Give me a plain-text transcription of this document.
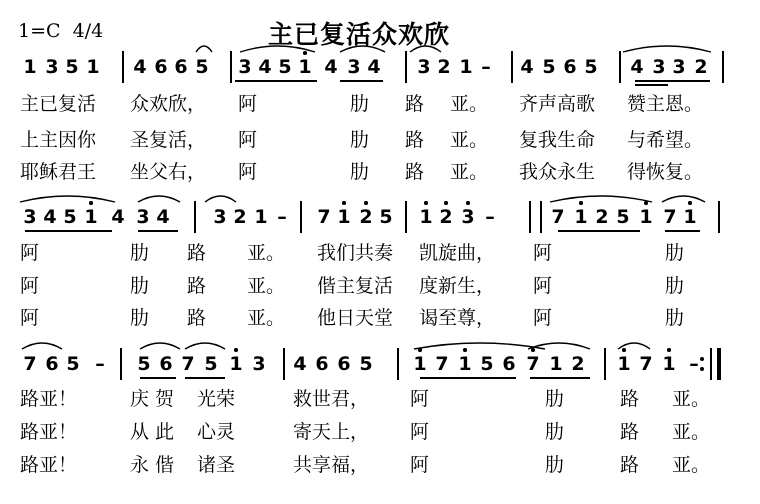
1=C  4/4	主已复活众欢欣
1 3 5 1 4 6 6 5 3 4 5 1 4 3 4 3 2 1 – 4 5 6 5 4 3 3 2
主已复活 众欢欣， 阿	肋 路 亚。 齐声高歌 赞主恩。
上主因你 圣复活， 阿	肋 路 亚。 复我生命 与希望。
耶稣君王 坐父右， 阿	肋 路 亚。 我众永生 得恢复。
3 4 5 1 4 3 4 3 2 1 – 7 1 2 5 1 2 3 –	7 1 2 5 1 7 1
阿	肋 路 亚。 我们共奏 凯旋曲， 阿	肋
阿	肋 路 亚。 偕主复活 度新生， 阿	肋
阿	肋 路 亚。 他日天堂 谒至尊， 阿	肋
7 6 5 – 5 6 7 5 1 3 4 6 6 5 1 7 1 5 6 7 1 2 1 7 1 –
路亚！	庆 贺 光荣	救世君， 阿	肋	路 亚。
路亚！	从 此 心灵	寄天上， 阿	肋	路 亚。
路亚！	永 偕 诸圣	共享福， 阿	肋	路 亚。
